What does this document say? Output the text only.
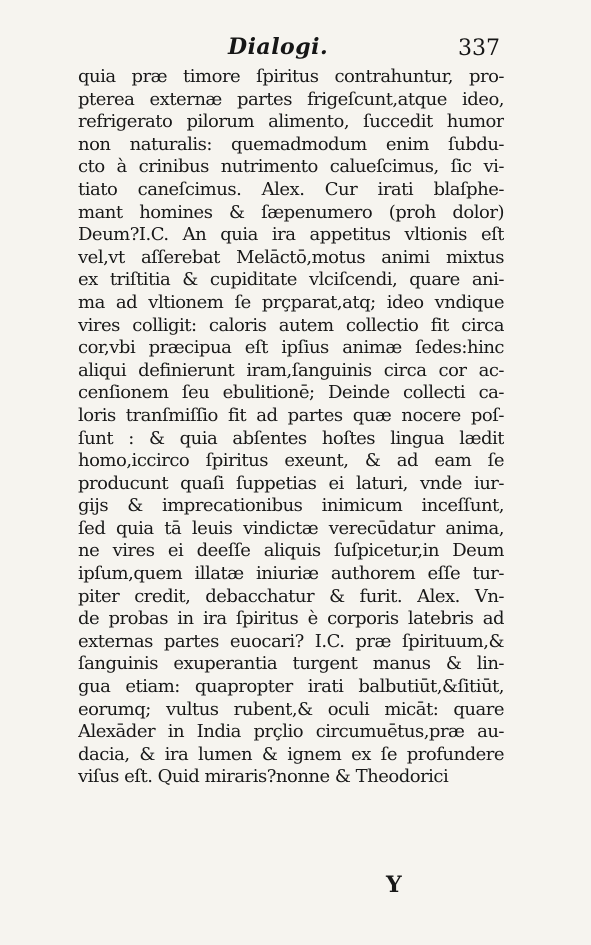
Dialogi.	337
quia præ timore ſpiritus contrahuntur, pro-
pterea externæ partes frigeſcunt,atque ideo,
refrigerato pilorum alimento, ſuccedit humor
non naturalis: quemadmodum enim ſubdu-
cto à crinibus nutrimento calueſcimus, ſic vi-
tiato caneſcimus. Alex. Cur irati blaſphe-
mant homines & ſæpenumero (proh dolor)
Deum?I.C. An quia ira appetitus vltionis eſt
vel,vt aſſerebat Melāctō,motus animi mixtus
ex triſtitia & cupiditate vlciſcendi, quare ani-
ma ad vltionem ſe prçparat,atq; ideo vndique
vires colligit: caloris autem collectio fit circa
cor,vbi præcipua eſt ipſius animæ ſedes:hinc
aliqui definierunt iram,ſanguinis circa cor ac-
cenſionem ſeu ebulitionē; Deinde collecti ca-
loris tranſmiſſio fit ad partes quæ nocere poſ-
ſunt : & quia abſentes hoſtes lingua lædit
homo,iccirco ſpiritus exeunt, & ad eam ſe
producunt quaſi ſuppetias ei laturi, vnde iur-
gijs & imprecationibus inimicum inceſſunt,
ſed quia tā leuis vindictæ verecūdatur anima,
ne vires ei deeſſe aliquis ſuſpicetur,in Deum
ipſum,quem illatæ iniuriæ authorem eſſe tur-
piter credit, debacchatur & furit. Alex. Vn-
de probas in ira ſpiritus è corporis latebris ad
externas partes euocari? I.C. præ ſpirituum,&
ſanguinis exuperantia turgent manus & lin-
gua etiam: quapropter irati balbutiūt,&ſitiūt,
eorumq; vultus rubent,& oculi micāt: quare
Alexāder in India prçlio circumuētus,præ au-
dacia, & ira lumen & ignem ex ſe profundere
viſus eſt. Quid miraris?nonne & Theodorici
Y
